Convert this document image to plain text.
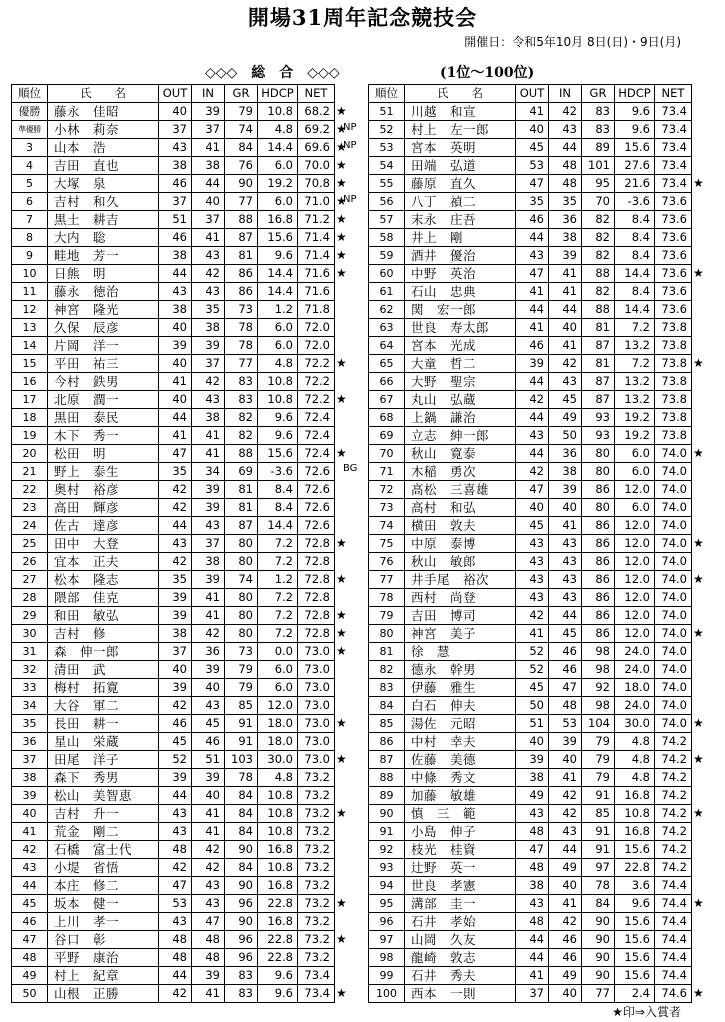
開場31周年記念競技会
開催日：令和5年10月 8日(日)・9日(月)
◇◇◇　総　合　◇◇◇	(1位～100位)
順位	氏　　名	OUT	IN	GR	HDCP	NET	
優勝	藤永　佳昭	40	39	79	10.8	68.2	★
準優勝	小林　莉奈	37	37	74	4.8	69.2	★
3	山本　浩	43	41	84	14.4	69.6	★
4	吉田　直也	38	38	76	6.0	70.0	★
5	大塚　泉	46	44	90	19.2	70.8	★
6	吉村　和久	37	40	77	6.0	71.0	★
7	黒土　耕吉	51	37	88	16.8	71.2	★
8	大内　聡	46	41	87	15.6	71.4	★
9	畦地　芳一	38	43	81	9.6	71.4	★
10	日熊　明	44	42	86	14.4	71.6	★
11	藤永　徳治	43	43	86	14.4	71.6	
12	神宮　隆光	38	35	73	1.2	71.8	
13	久保　辰彦	40	38	78	6.0	72.0	
14	片岡　洋一	39	39	78	6.0	72.0	
15	平田　祐三	40	37	77	4.8	72.2	★
16	今村　鉄男	41	42	83	10.8	72.2	
17	北原　潤一	40	43	83	10.8	72.2	★
18	黒田　泰民	44	38	82	9.6	72.4	
19	木下　秀一	41	41	82	9.6	72.4	
20	松田　明	47	41	88	15.6	72.4	★
21	野上　泰生	35	34	69	-3.6	72.6	
22	奥村　裕彦	42	39	81	8.4	72.6	
23	高田　輝彦	42	39	81	8.4	72.6	
24	佐古　達彦	44	43	87	14.4	72.6	
25	田中　大登	43	37	80	7.2	72.8	★
26	宜本　正夫	42	38	80	7.2	72.8	
27	松本　隆志	35	39	74	1.2	72.8	★
28	隈部　佳克	39	41	80	7.2	72.8	
29	和田　敏弘	39	41	80	7.2	72.8	★
30	吉村　修	38	42	80	7.2	72.8	★
31	森　伸一郎	37	36	73	0.0	73.0	★
32	清田　武	40	39	79	6.0	73.0	
33	梅村　拓寛	39	40	79	6.0	73.0	
34	大谷　軍二	42	43	85	12.0	73.0	
35	長田　耕一	46	45	91	18.0	73.0	★
36	星山　栄蔵	45	46	91	18.0	73.0	
37	田尾　洋子	52	51	103	30.0	73.0	★
38	森下　秀男	39	39	78	4.8	73.2	
39	松山　美智恵	44	40	84	10.8	73.2	
40	吉村　升一	43	41	84	10.8	73.2	★
41	荒金　剛二	43	41	84	10.8	73.2	
42	石橋　富士代	48	42	90	16.8	73.2	
43	小堤　省悟	42	42	84	10.8	73.2	
44	本庄　修二	47	43	90	16.8	73.2	
45	坂本　健一	53	43	96	22.8	73.2	★
46	上川　孝一	43	47	90	16.8	73.2	
47	谷口　彰	48	48	96	22.8	73.2	★
48	平野　康治	48	48	96	22.8	73.2	
49	村上　紀章	44	39	83	9.6	73.4	
50	山根　正勝	42	41	83	9.6	73.4	★
順位	氏　　名	OUT	IN	GR	HDCP	NET	
51	川越　和宣	41	42	83	9.6	73.4	
52	村上　左一郎	40	43	83	9.6	73.4	
53	宮本　英明	45	44	89	15.6	73.4	
54	田端　弘道	53	48	101	27.6	73.4	
55	藤原　直久	47	48	95	21.6	73.4	★
56	八丁　禎二	35	35	70	-3.6	73.6	
57	末永　庄吾	46	36	82	8.4	73.6	
58	井上　剛	44	38	82	8.4	73.6	
59	酒井　優治	43	39	82	8.4	73.6	
60	中野　英治	47	41	88	14.4	73.6	★
61	石山　忠典	41	41	82	8.4	73.6	
62	関　宏一郎	44	44	88	14.4	73.6	
63	世良　寿太郎	41	40	81	7.2	73.8	
64	宮本　光成	46	41	87	13.2	73.8	
65	大童　哲二	39	42	81	7.2	73.8	★
66	大野　聖宗	44	43	87	13.2	73.8	
67	丸山　弘蔵	42	45	87	13.2	73.8	
68	上鍋　謙治	44	49	93	19.2	73.8	
69	立志　紳一郎	43	50	93	19.2	73.8	
70	秋山　寛泰	44	36	80	6.0	74.0	★
71	木稲　勇次	42	38	80	6.0	74.0	
72	高松　三喜雄	47	39	86	12.0	74.0	
73	高村　和弘	40	40	80	6.0	74.0	
74	横田　敦夫	45	41	86	12.0	74.0	
75	中原　泰博	43	43	86	12.0	74.0	★
76	秋山　敏郎	43	43	86	12.0	74.0	
77	井手尾　裕次	43	43	86	12.0	74.0	★
78	西村　尚登	43	43	86	12.0	74.0	
79	吉田　博司	42	44	86	12.0	74.0	
80	神宮　美子	41	45	86	12.0	74.0	★
81	徐　慧	52	46	98	24.0	74.0	
82	德永　幹男	52	46	98	24.0	74.0	
83	伊藤　雅生	45	47	92	18.0	74.0	
84	白石　伸夫	50	48	98	24.0	74.0	
85	湯佐　元昭	51	53	104	30.0	74.0	★
86	中村　幸夫	40	39	79	4.8	74.2	
87	佐藤　美德	39	40	79	4.8	74.2	★
88	中條　秀文	38	41	79	4.8	74.2	
89	加藤　敏雄	49	42	91	16.8	74.2	
90	慎　三　範	43	42	85	10.8	74.2	★
91	小島　伸子	48	43	91	16.8	74.2	
92	枝光　桂資	47	44	91	15.6	74.2	
93	辻野　英一	48	49	97	22.8	74.2	
94	世良　孝憲	38	40	78	3.6	74.4	
95	溝部　圭一	43	41	84	9.6	74.4	★
96	石井　孝始	48	42	90	15.6	74.4	
97	山岡　久友	44	46	90	15.6	74.4	
98	龍崎　敦志	44	46	90	15.6	74.4	
99	石井　秀夫	41	49	90	15.6	74.4	
100	西本　一則	37	40	77	2.4	74.6	★
NP
NP
NP
BG
★印⇒入賞者
